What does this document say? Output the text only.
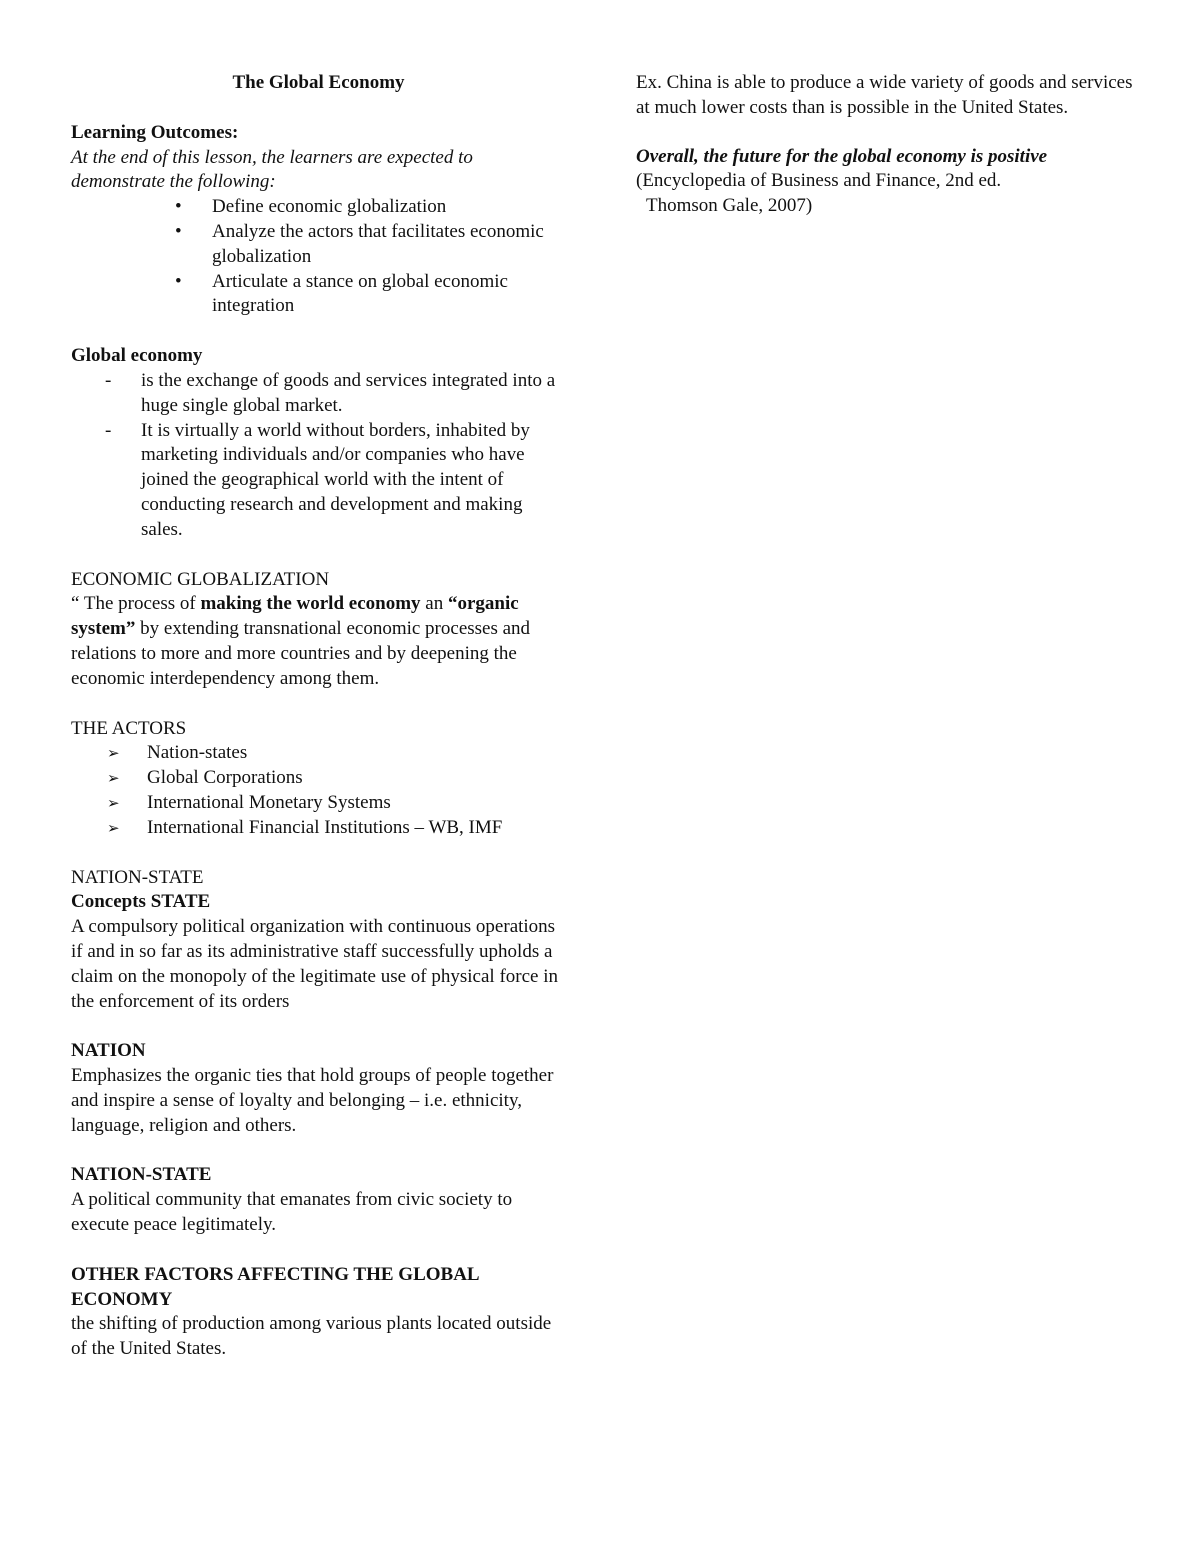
The Global Economy

Learning Outcomes:

At the end of this lesson, the learners are expected to demonstrate the following:

• Define economic globalization
• Analyze the actors that facilitates economic globalization
• Articulate a stance on global economic integration

Global economy

- is the exchange of goods and services integrated into a huge single global market.
- It is virtually a world without borders, inhabited by marketing individuals and/or companies who have joined the geographical world with the intent of conducting research and development and making sales.

ECONOMIC GLOBALIZATION

“ The process of making the world economy an “organic system” by extending transnational economic processes and relations to more and more countries and by deepening the economic interdependency among them.

THE ACTORS

➢ Nation-states
➢ Global Corporations
➢ International Monetary Systems
➢ International Financial Institutions – WB, IMF

NATION-STATE

Concepts STATE

A compulsory political organization with continuous operations if and in so far as its administrative staff successfully upholds a claim on the monopoly of the legitimate use of physical force in the enforcement of its orders

NATION

Emphasizes the organic ties that hold groups of people together and inspire a sense of loyalty and belonging – i.e. ethnicity, language, religion and others.

NATION-STATE

A political community that emanates from civic society to execute peace legitimately.

OTHER FACTORS AFFECTING THE GLOBAL ECONOMY

the shifting of production among various plants located outside of the United States.

Ex. China is able to produce a wide variety of goods and services at much lower costs than is possible in the United States.

Overall, the future for the global economy is positive

(Encyclopedia of Business and Finance, 2nd ed.

Thomson Gale, 2007)
